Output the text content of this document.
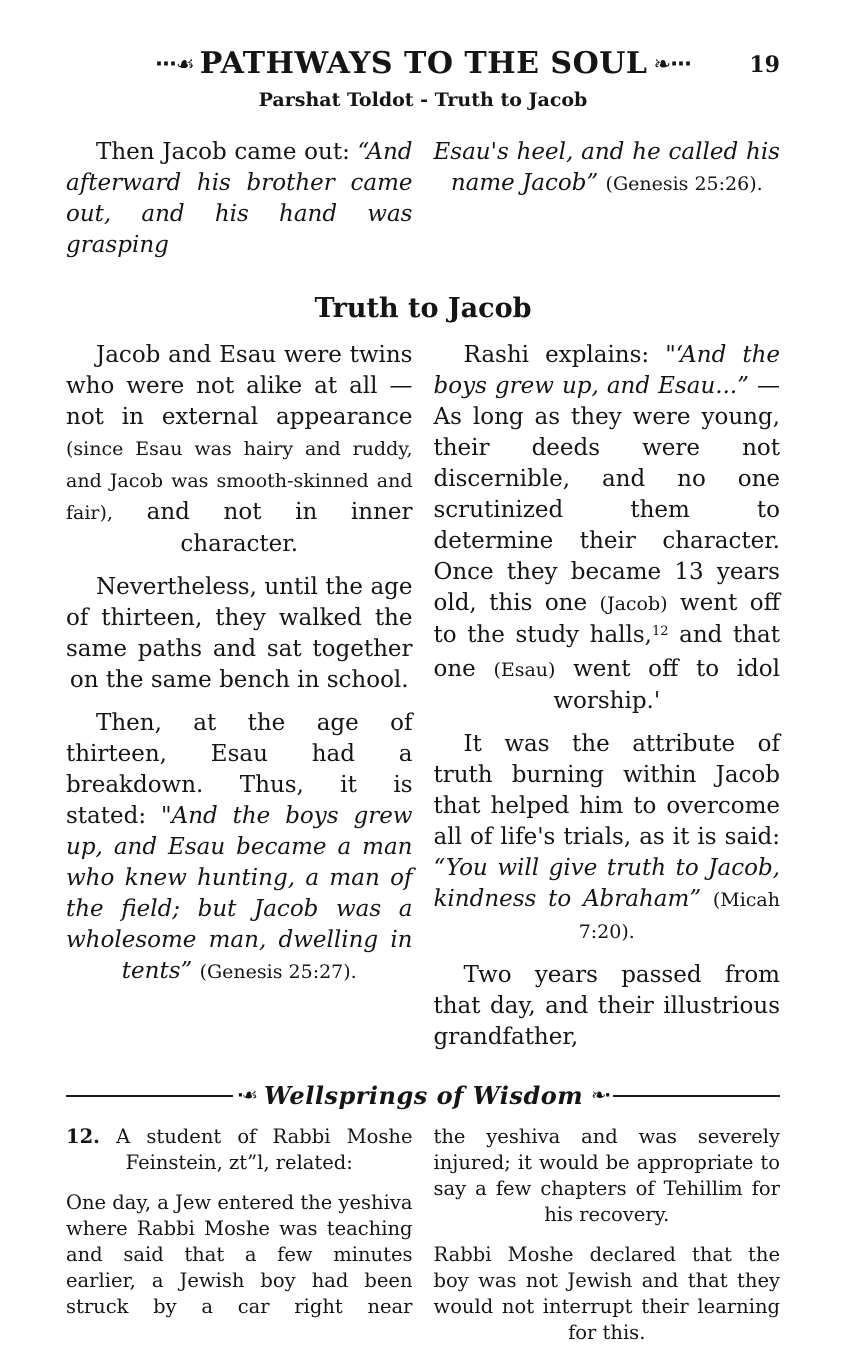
···☙ PATHWAYS TO THE SOUL ❧···	19
Parshat Toldot - Truth to Jacob

Then Jacob came out: “And afterward his brother came out, and his hand was grasping

Esau's heel, and he called his name Jacob” (Genesis 25:26).

Truth to Jacob

Jacob and Esau were twins who were not alike at all — not in external appearance (since Esau was hairy and ruddy, and Jacob was smooth-skinned and fair), and not in inner character.

Nevertheless, until the age of thirteen, they walked the same paths and sat together on the same bench in school.

Then, at the age of thirteen, Esau had a breakdown. Thus, it is stated: "And the boys grew up, and Esau became a man who knew hunting, a man of the field; but Jacob was a wholesome man, dwelling in tents” (Genesis 25:27).

Rashi explains: "‘And the boys grew up, and Esau...” — As long as they were young, their deeds were not discernible, and no one scrutinized them to determine their character. Once they became 13 years old, this one (Jacob) went off to the study halls,$^{12}$ and that one (Esau) went off to idol worship.'

It was the attribute of truth burning within Jacob that helped him to overcome all of life's trials, as it is said: “You will give truth to Jacob, kindness to Abraham” (Micah 7:20).

Two years passed from that day, and their illustrious grandfather,

·☙ Wellsprings of Wisdom ❧·

12. A student of Rabbi Moshe Feinstein, zt”l, related:

One day, a Jew entered the yeshiva where Rabbi Moshe was teaching and said that a few minutes earlier, a Jewish boy had been struck by a car right near

the yeshiva and was severely injured; it would be appropriate to say a few chapters of Tehillim for his recovery.

Rabbi Moshe declared that the boy was not Jewish and that they would not interrupt their learning for this.
